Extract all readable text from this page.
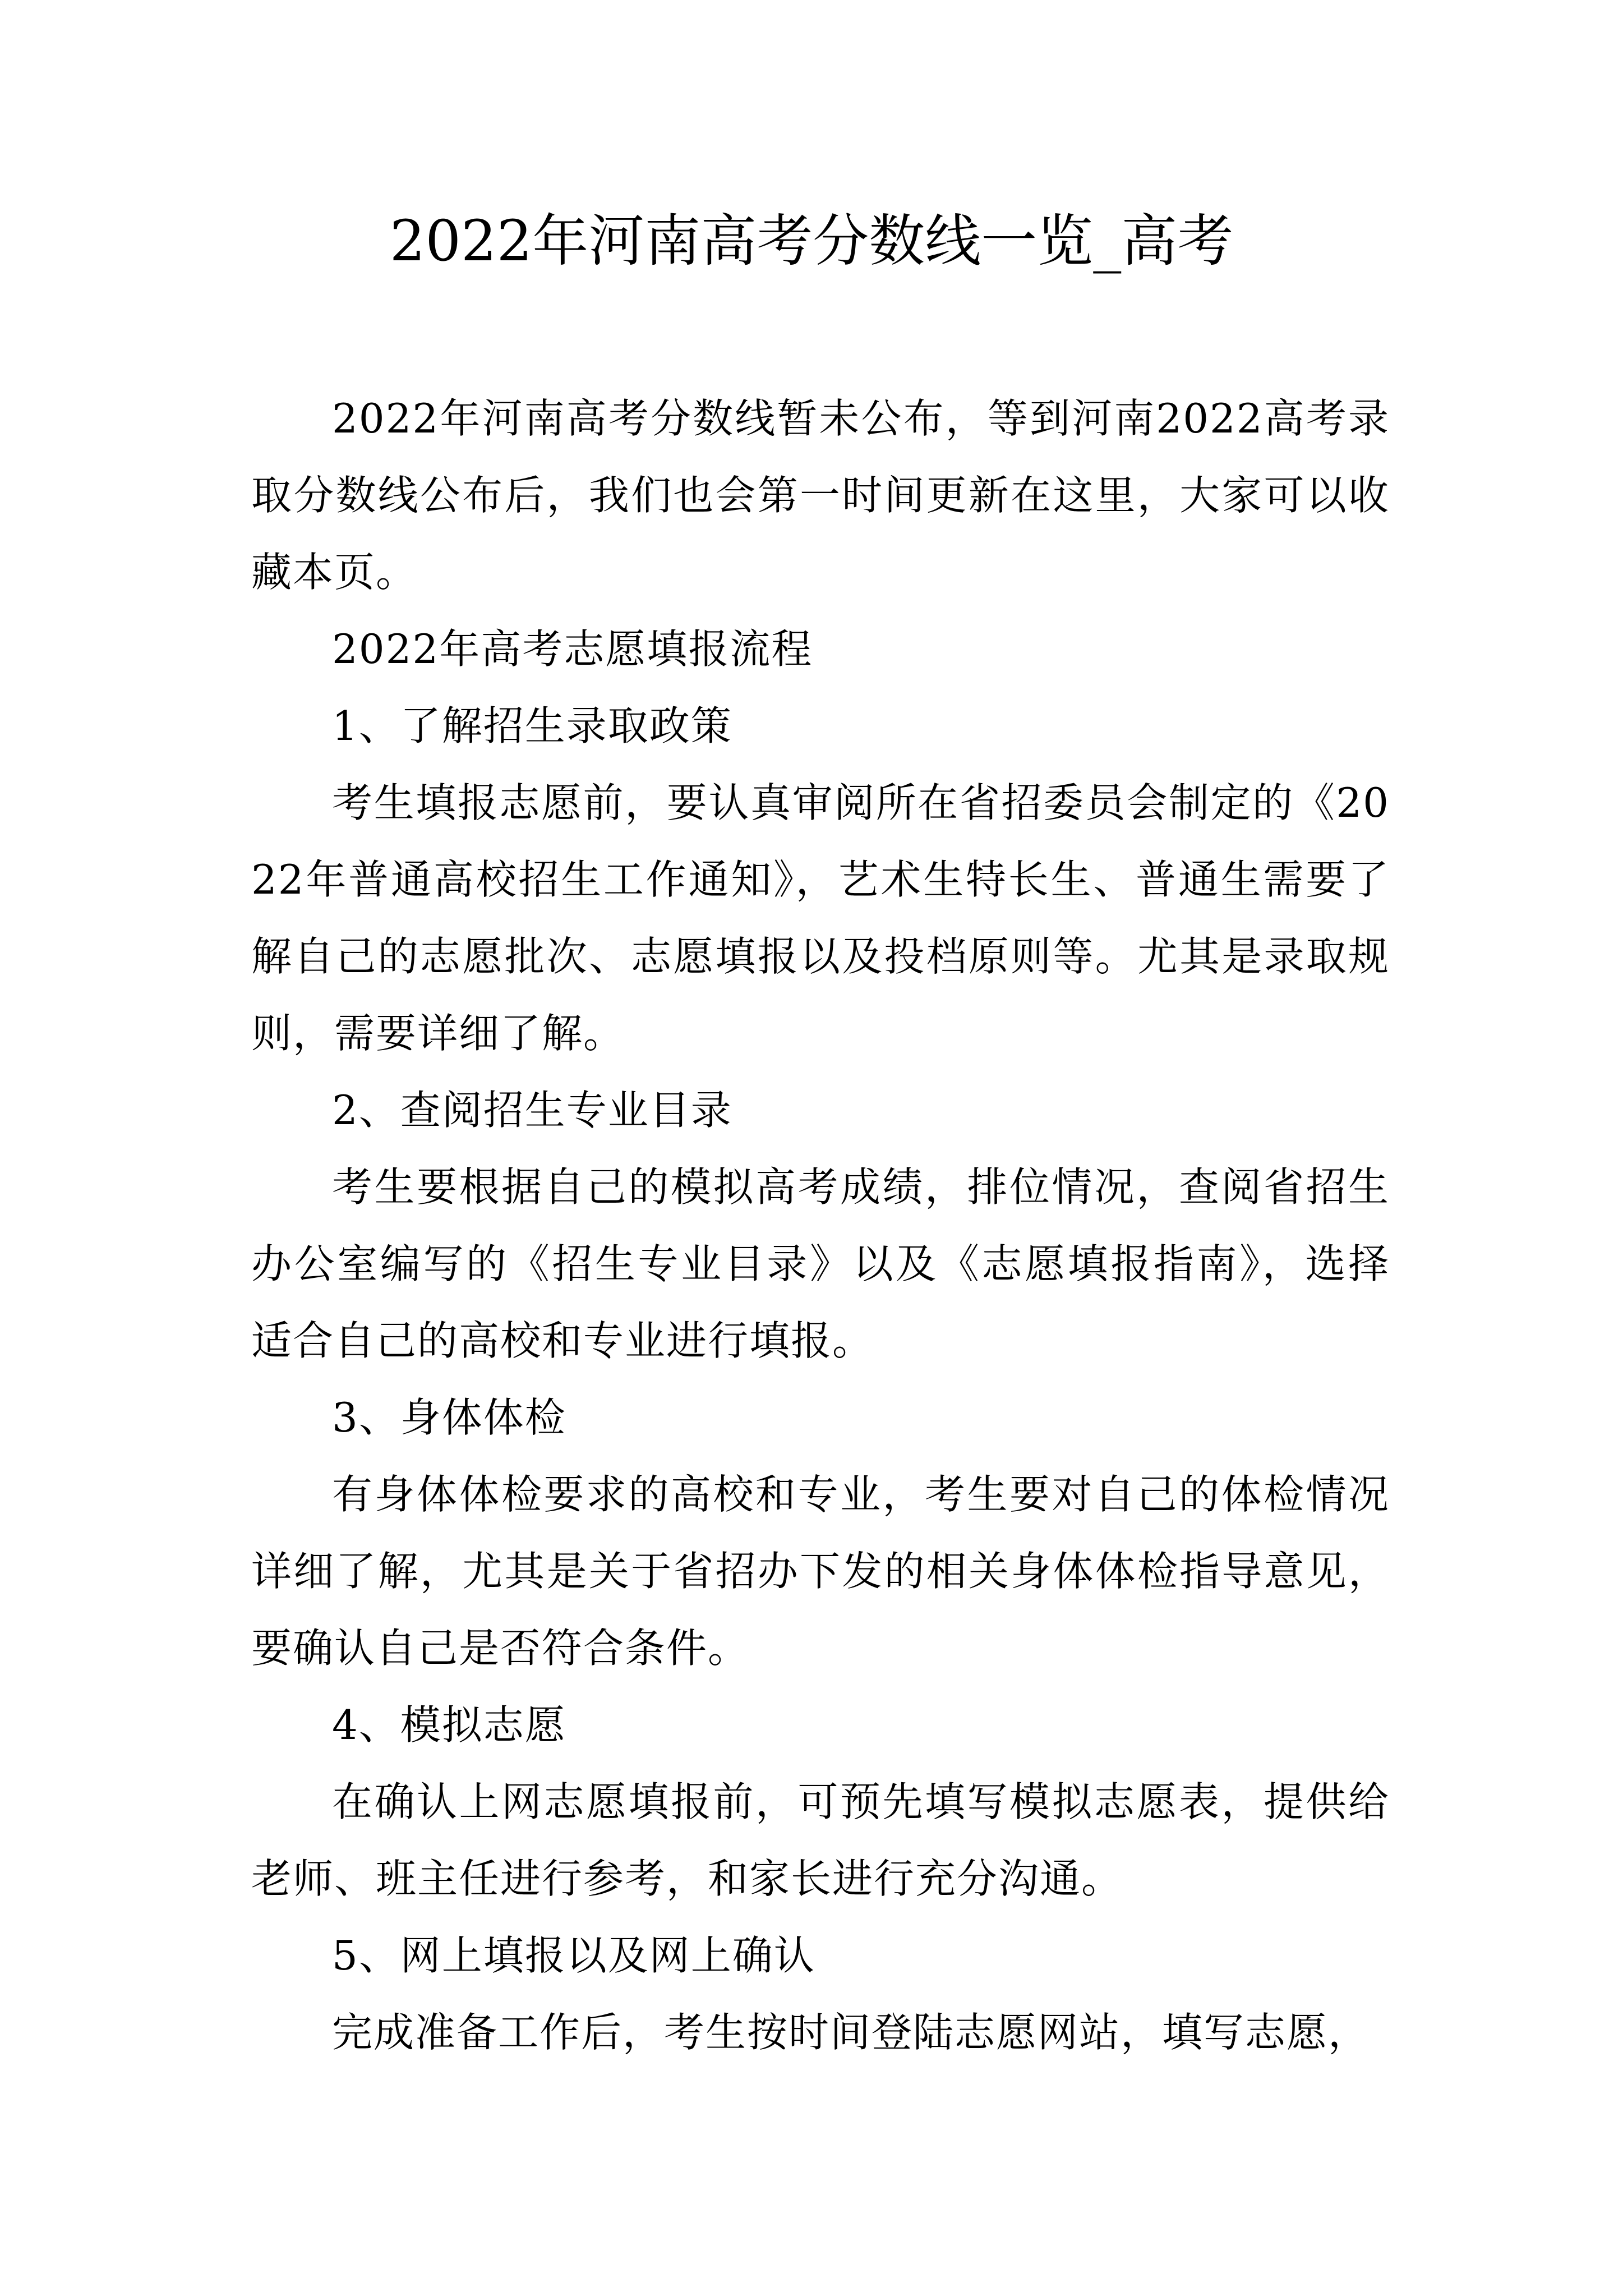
2022年河南高考分数线一览_高考

2022年河南高考分数线暂未公布，等到河南2022高考录取分数线公布后，我们也会第一时间更新在这里，大家可以收藏本页。

2022年高考志愿填报流程

1、了解招生录取政策

考生填报志愿前，要认真审阅所在省招委员会制定的《2022年普通高校招生工作通知》，艺术生特长生、普通生需要了解自己的志愿批次、志愿填报以及投档原则等。尤其是录取规则，需要详细了解。

2、查阅招生专业目录

考生要根据自己的模拟高考成绩，排位情况，查阅省招生办公室编写的《招生专业目录》以及《志愿填报指南》，选择适合自己的高校和专业进行填报。

3、身体体检

有身体体检要求的高校和专业，考生要对自己的体检情况详细了解，尤其是关于省招办下发的相关身体体检指导意见，要确认自己是否符合条件。

4、模拟志愿

在确认上网志愿填报前，可预先填写模拟志愿表，提供给老师、班主任进行参考，和家长进行充分沟通。

5、网上填报以及网上确认

完成准备工作后，考生按时间登陆志愿网站，填写志愿，
